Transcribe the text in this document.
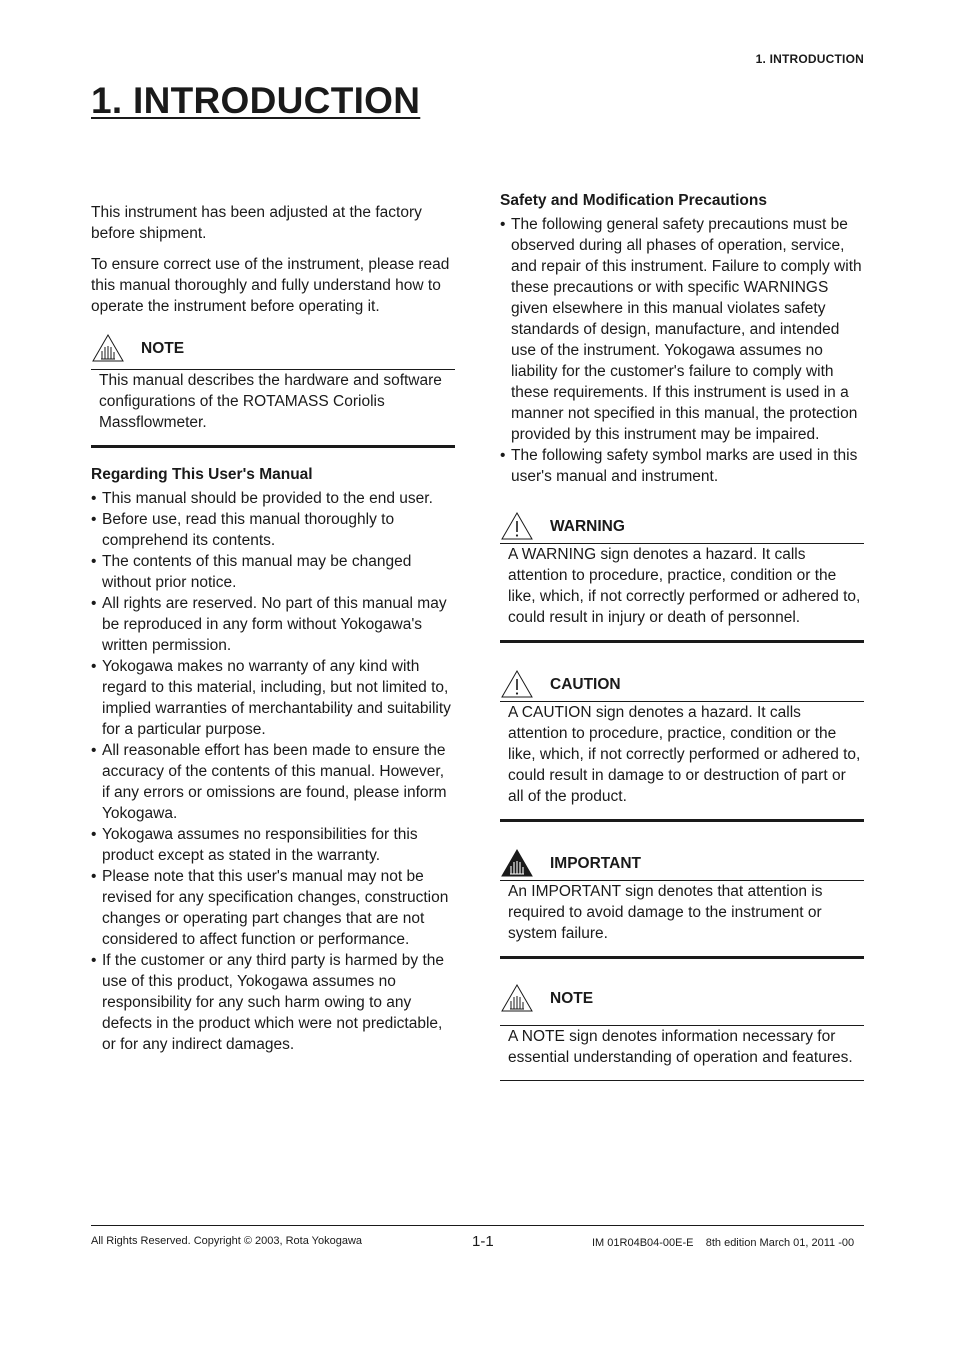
1. INTRODUCTION
1. INTRODUCTION

This instrument has been adjusted at the factory before shipment.

To ensure correct use of the instrument, please read this manual thoroughly and fully understand how to operate the instrument before operating it.

NOTE
This manual describes the hardware and software configurations of the ROTAMASS Coriolis Massflowmeter.
Regarding This User's Manual
• This manual should be provided to the end user.
• Before use, read this manual thoroughly to comprehend its contents.
• The contents of this manual may be changed without prior notice.
• All rights are reserved. No part of this manual may be reproduced in any form without Yokogawa's written permission.
• Yokogawa makes no warranty of any kind with regard to this material, including, but not limited to, implied warranties of merchantability and suitability for a particular purpose.
• All reasonable effort has been made to ensure the accuracy of the contents of this manual. However, if any errors or omissions are found, please inform Yokogawa.
• Yokogawa assumes no responsibilities for this product except as stated in the warranty.
• Please note that this user's manual may not be revised for any specification changes, construction changes or operating part changes that are not considered to affect function or performance.
• If the customer or any third party is harmed by the use of this product, Yokogawa assumes no responsibility for any such harm owing to any defects in the product which were not predictable, or for any indirect damages.
Safety and Modification Precautions
• The following general safety precautions must be observed during all phases of operation, service, and repair of this instrument. Failure to comply with these precautions or with specific WARNINGS given elsewhere in this manual violates safety standards of design, manufacture, and intended use of the instrument. Yokogawa assumes no liability for the customer's failure to comply with these requirements. If this instrument is used in a manner not specified in this manual, the protection provided by this instrument may be impaired.
• The following safety symbol marks are used in this user's manual and instrument.
WARNING
A WARNING sign denotes a hazard. It calls attention to procedure, practice, condition or the like, which, if not correctly performed or adhered to, could result in injury or death of personnel.
CAUTION
A CAUTION sign denotes a hazard. It calls attention to procedure, practice, condition or the like, which, if not correctly performed or adhered to, could result in damage to or destruction of part or all of the product.
IMPORTANT
An IMPORTANT sign denotes that attention is required to avoid damage to the instrument or system failure.
NOTE
A NOTE sign denotes information necessary for essential understanding of operation and features.
All Rights Reserved. Copyright © 2003, Rota Yokogawa	1-1	IM 01R04B04-00E-E    8th edition March 01, 2011 -00
